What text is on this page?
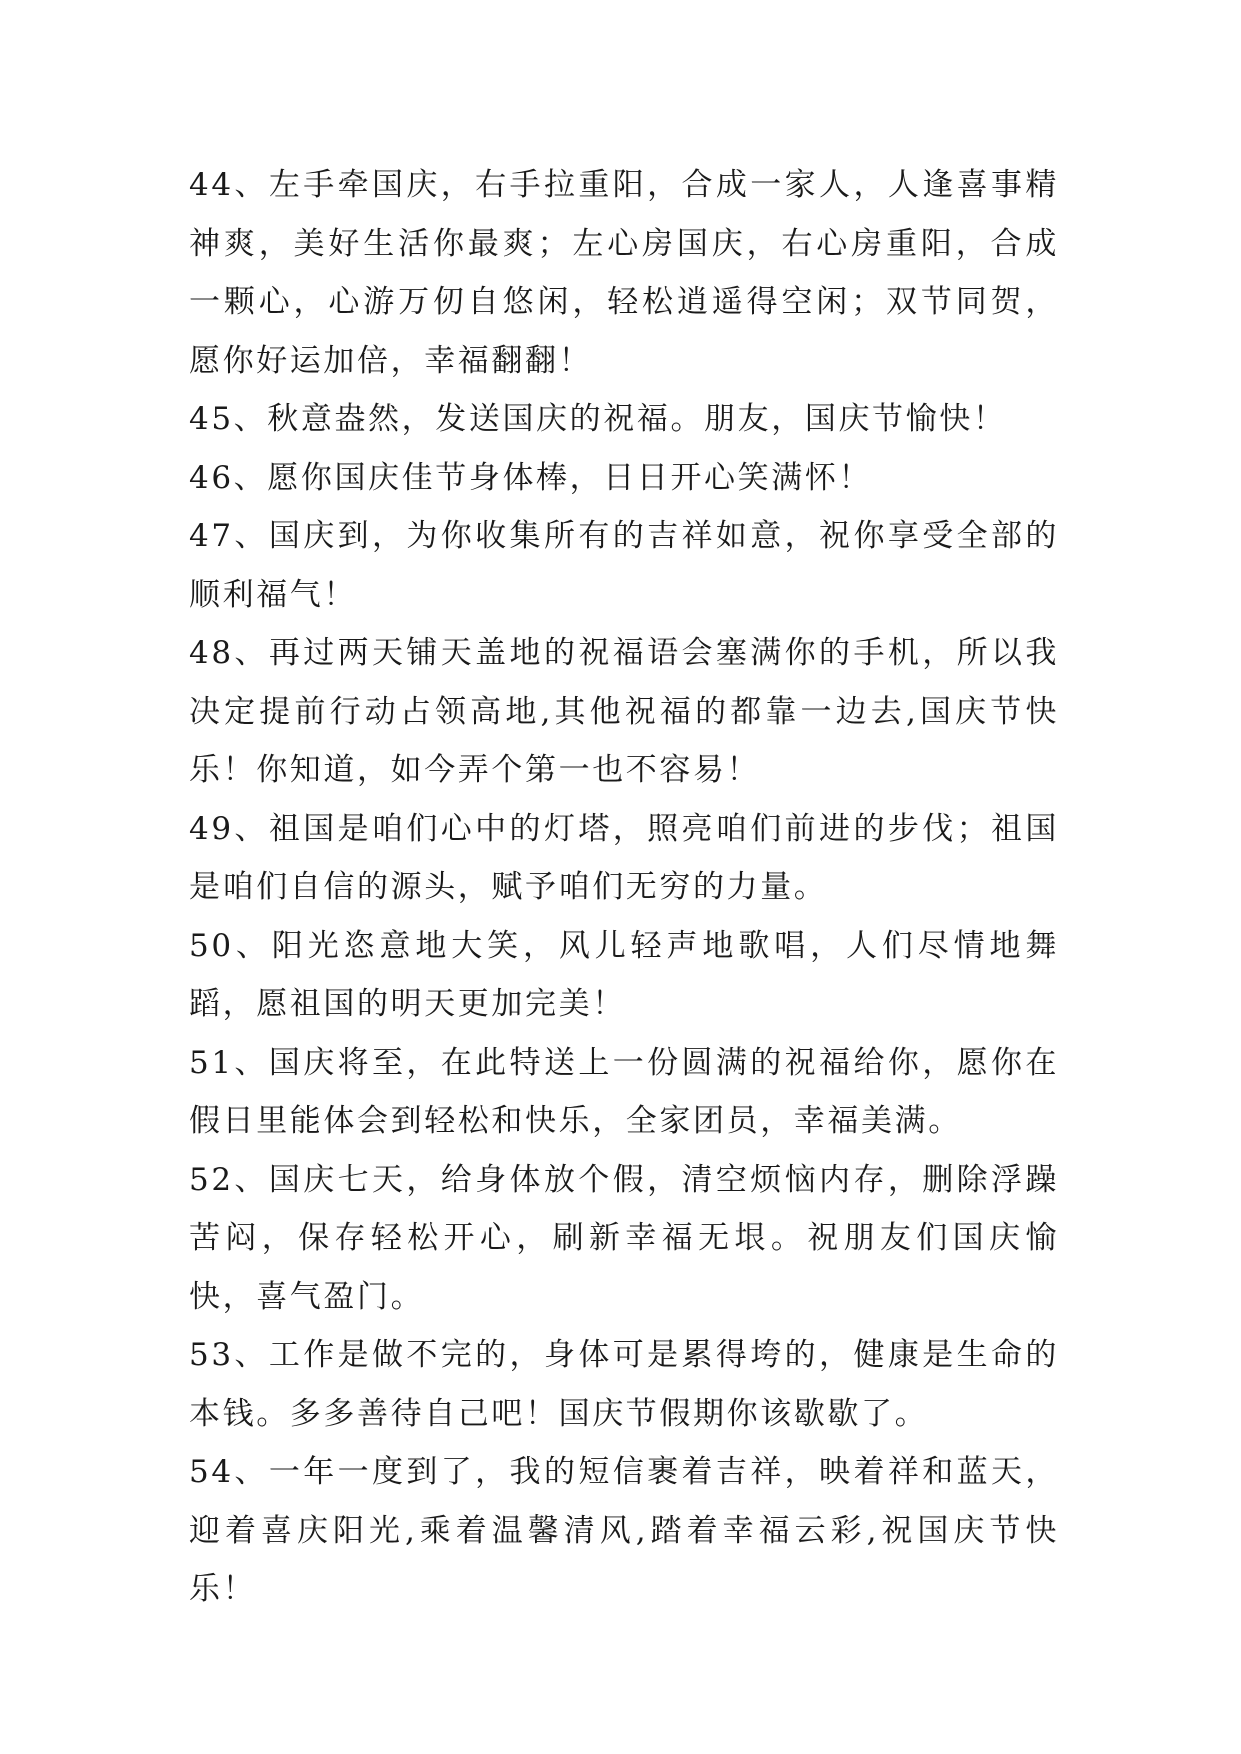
44、左手牵国庆，右手拉重阳，合成一家人，人逢喜事精神爽，美好生活你最爽；左心房国庆，右心房重阳，合成一颗心，心游万仞自悠闲，轻松逍遥得空闲；双节同贺，愿你好运加倍，幸福翻翻！

45、秋意盎然，发送国庆的祝福。朋友，国庆节愉快！

46、愿你国庆佳节身体棒，日日开心笑满怀！

47、国庆到，为你收集所有的吉祥如意，祝你享受全部的顺利福气！

48、再过两天铺天盖地的祝福语会塞满你的手机，所以我决定提前行动占领高地,其他祝福的都靠一边去,国庆节快乐！你知道，如今弄个第一也不容易！

49、祖国是咱们心中的灯塔，照亮咱们前进的步伐；祖国是咱们自信的源头，赋予咱们无穷的力量。

50、阳光恣意地大笑，风儿轻声地歌唱，人们尽情地舞蹈，愿祖国的明天更加完美！

51、国庆将至，在此特送上一份圆满的祝福给你，愿你在假日里能体会到轻松和快乐，全家团员，幸福美满。

52、国庆七天，给身体放个假，清空烦恼内存，删除浮躁苦闷，保存轻松开心，刷新幸福无垠。祝朋友们国庆愉快，喜气盈门。

53、工作是做不完的，身体可是累得垮的，健康是生命的本钱。多多善待自己吧！国庆节假期你该歇歇了。

54、一年一度到了，我的短信裹着吉祥，映着祥和蓝天，迎着喜庆阳光,乘着温馨清风,踏着幸福云彩,祝国庆节快乐！
